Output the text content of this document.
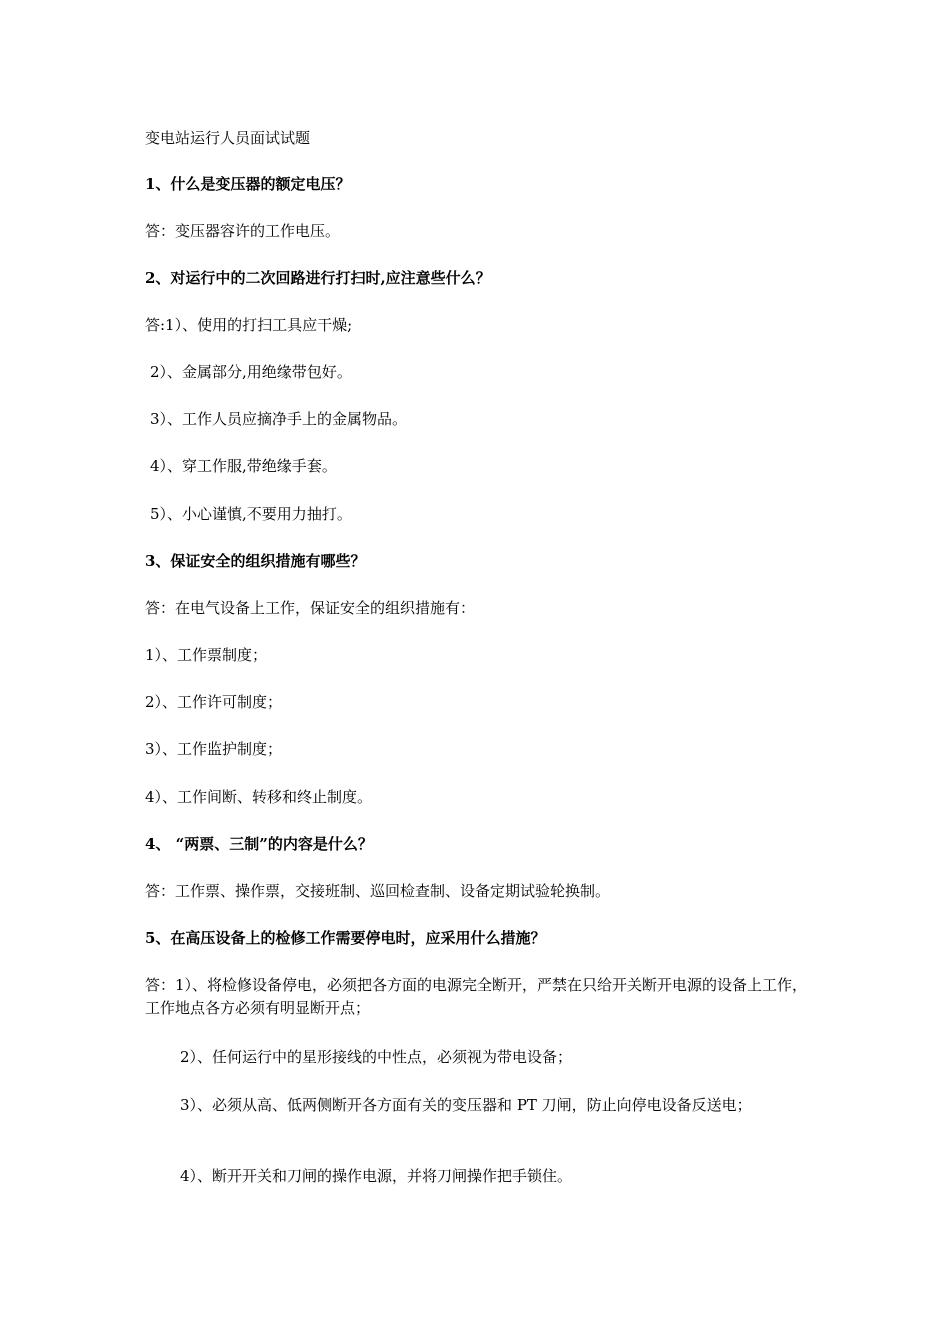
变电站运行人员面试试题
1、什么是变压器的额定电压？
答：变压器容许的工作电压。
2、对运行中的二次回路进行打扫时,应注意些什么？
答:1）、使用的打扫工具应干燥;
2）、金属部分,用绝缘带包好。
3）、工作人员应摘净手上的金属物品。
4）、穿工作服,带绝缘手套。
5）、小心谨慎,不要用力抽打。
3、保证安全的组织措施有哪些？
答：在电气设备上工作，保证安全的组织措施有：
1）、工作票制度；
2）、工作许可制度；
3）、工作监护制度；
4）、工作间断、转移和终止制度。
4、 “两票、三制”的内容是什么？
答：工作票、操作票，交接班制、巡回检查制、设备定期试验轮换制。
5、在高压设备上的检修工作需要停电时，应采用什么措施？
答：1）、将检修设备停电，必须把各方面的电源完全断开，严禁在只给开关断开电源的设备上工作，工作地点各方必须有明显断开点；
2）、任何运行中的星形接线的中性点，必须视为带电设备；
3）、必须从高、低两侧断开各方面有关的变压器和 PT 刀闸，防止向停电设备反送电；
4）、断开开关和刀闸的操作电源，并将刀闸操作把手锁住。
